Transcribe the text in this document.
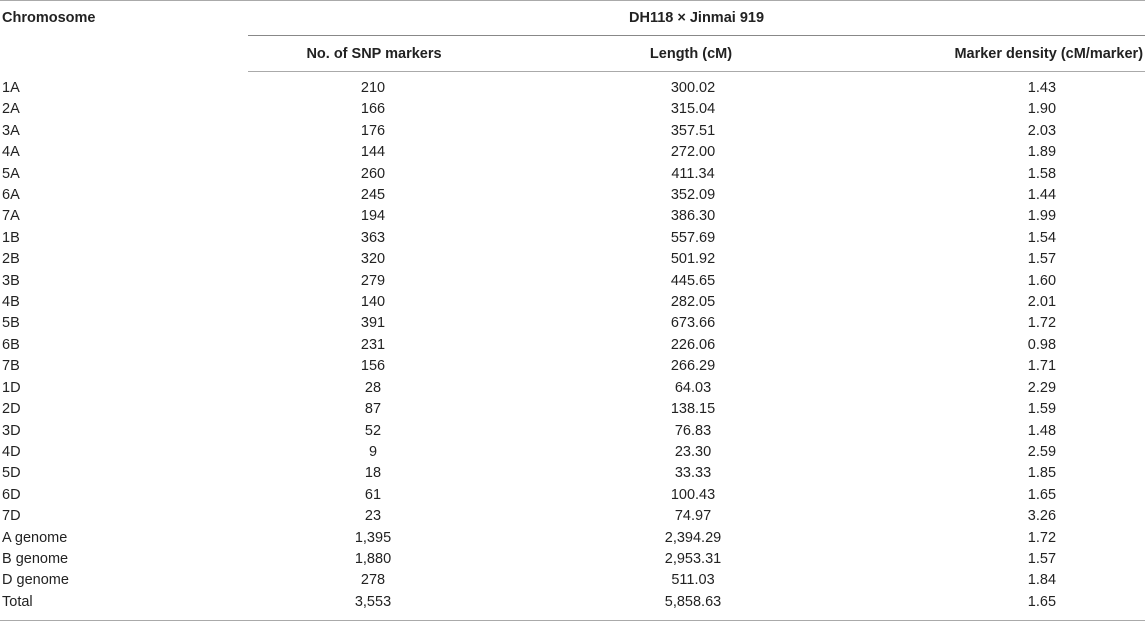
Chromosome	DH118 × Jinmai 919		
	No. of SNP markers	Length (cM)	Marker density (cM/marker)
1A	210	300.02	1.43
2A	166	315.04	1.90
3A	176	357.51	2.03
4A	144	272.00	1.89
5A	260	411.34	1.58
6A	245	352.09	1.44
7A	194	386.30	1.99
1B	363	557.69	1.54
2B	320	501.92	1.57
3B	279	445.65	1.60
4B	140	282.05	2.01
5B	391	673.66	1.72
6B	231	226.06	0.98
7B	156	266.29	1.71
1D	28	64.03	2.29
2D	87	138.15	1.59
3D	52	76.83	1.48
4D	9	23.30	2.59
5D	18	33.33	1.85
6D	61	100.43	1.65
7D	23	74.97	3.26
A genome	1,395	2,394.29	1.72
B genome	1,880	2,953.31	1.57
D genome	278	511.03	1.84
Total	3,553	5,858.63	1.65
